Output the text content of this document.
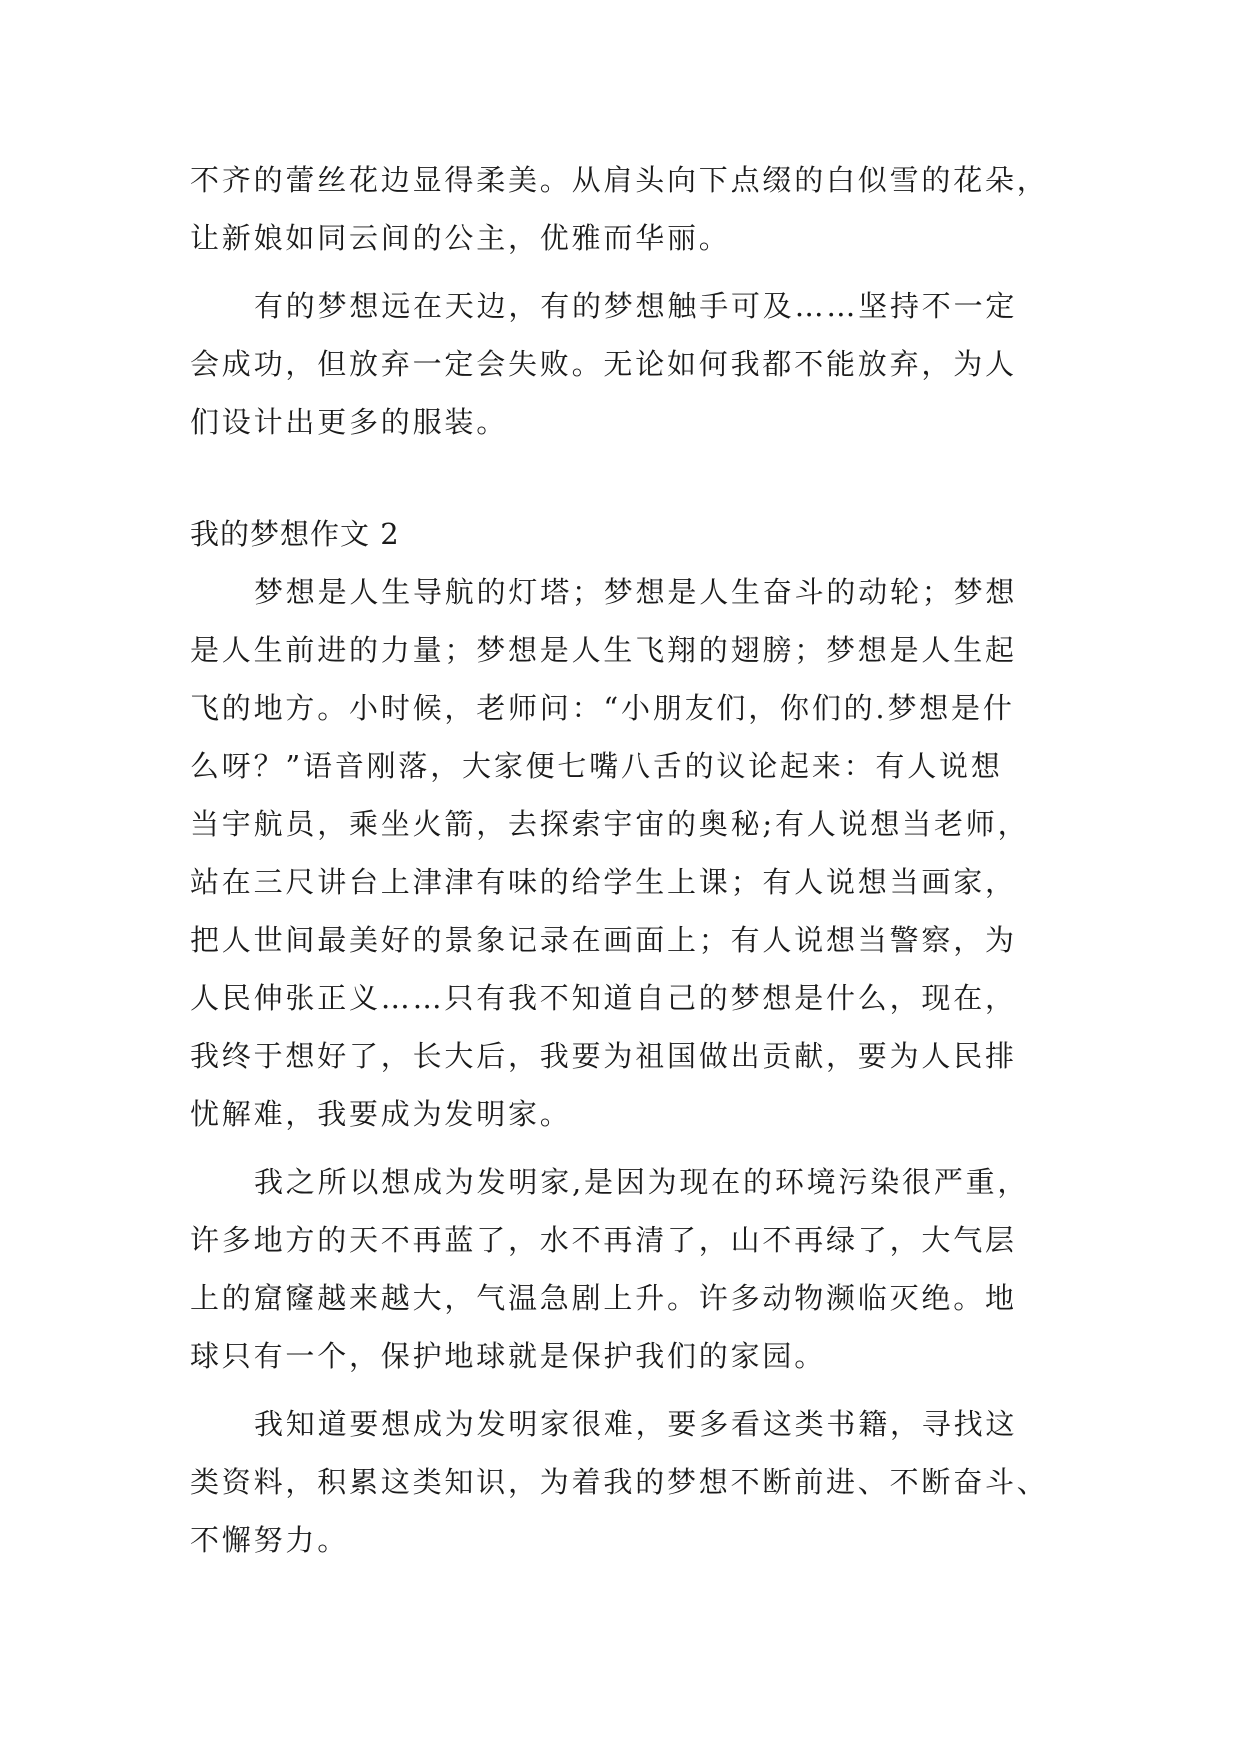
不齐的蕾丝花边显得柔美。从肩头向下点缀的白似雪的花朵，
让新娘如同云间的公主，优雅而华丽。
有的梦想远在天边，有的梦想触手可及……坚持不一定
会成功，但放弃一定会失败。无论如何我都不能放弃，为人
们设计出更多的服装。
我的梦想作文 2
梦想是人生导航的灯塔；梦想是人生奋斗的动轮；梦想
是人生前进的力量；梦想是人生飞翔的翅膀；梦想是人生起
飞的地方。小时候，老师问：“小朋友们，你们的.梦想是什
么呀？”语音刚落，大家便七嘴八舌的议论起来：有人说想
当宇航员，乘坐火箭，去探索宇宙的奥秘;有人说想当老师，
站在三尺讲台上津津有味的给学生上课；有人说想当画家，
把人世间最美好的景象记录在画面上；有人说想当警察，为
人民伸张正义……只有我不知道自己的梦想是什么，现在，
我终于想好了，长大后，我要为祖国做出贡献，要为人民排
忧解难，我要成为发明家。
我之所以想成为发明家,是因为现在的环境污染很严重，
许多地方的天不再蓝了，水不再清了，山不再绿了，大气层
上的窟窿越来越大，气温急剧上升。许多动物濒临灭绝。地
球只有一个，保护地球就是保护我们的家园。
我知道要想成为发明家很难，要多看这类书籍，寻找这
类资料，积累这类知识，为着我的梦想不断前进、不断奋斗、
不懈努力。
